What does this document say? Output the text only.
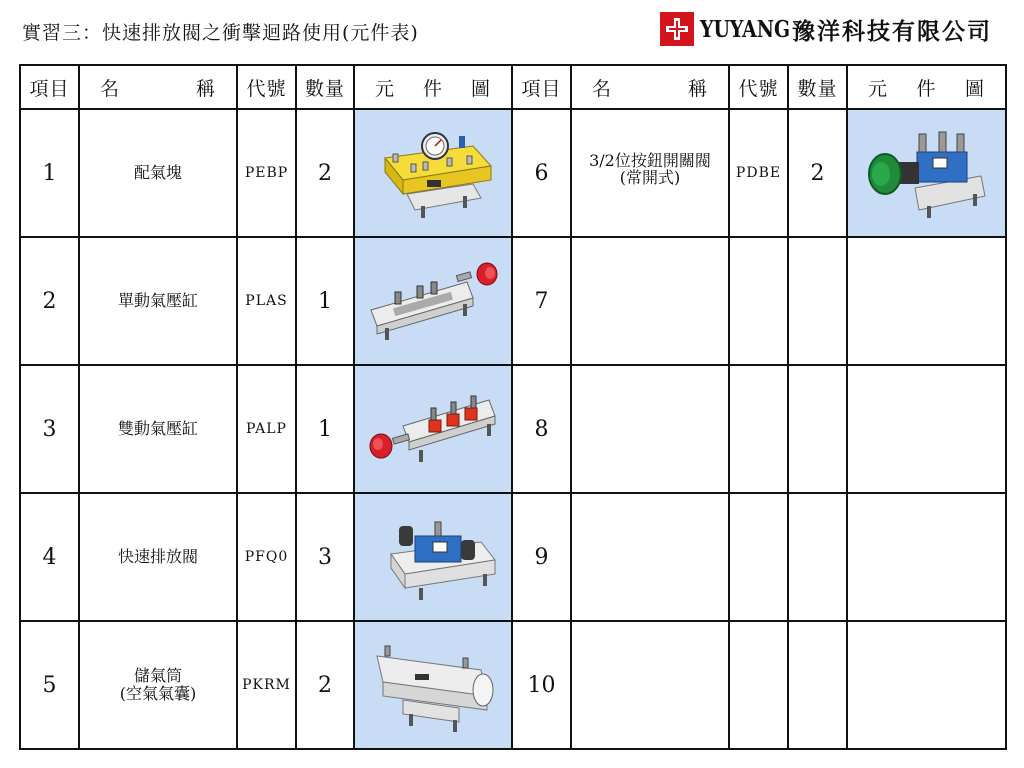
實習三：快速排放閥之衝擊迴路使用(元件表)	YUYANG 豫洋科技有限公司
項目	名 稱	代號	數量	元 件 圖	項目	名 稱	代號	數量	元 件 圖

1	配氣塊	PEBP	2		6	3/2位按鈕開關閥
(常開式)	PDBE	2	

2	單動氣壓缸	PLAS	1		7				
3	雙動氣壓缸	PALP	1		8				
4	快速排放閥	PFQ0	3		9				
5	儲氣筒
(空氣氣囊)	PKRM	2		10				
